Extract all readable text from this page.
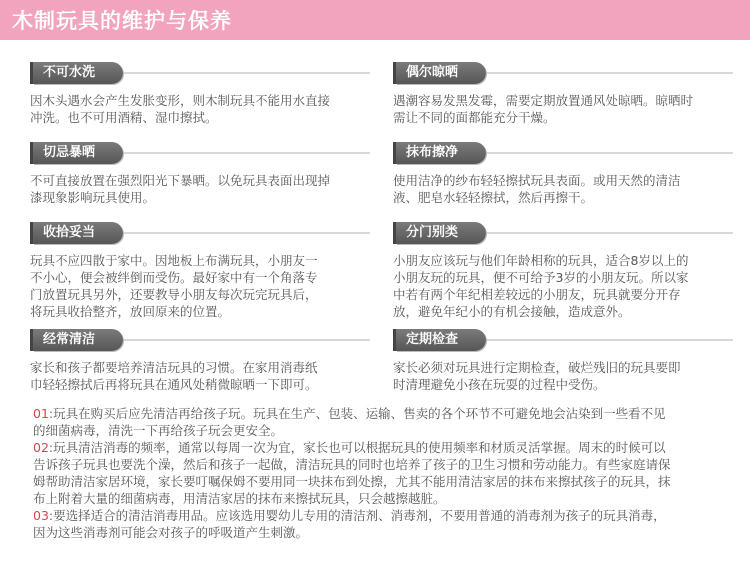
木制玩具的维护与保养
不可水洗
因木头遇水会产生发胀变形，则木制玩具不能用水直接
冲洗。也不可用酒精、湿巾擦拭。
偶尔晾晒
遇潮容易发黑发霉，需要定期放置通风处晾晒。晾晒时
需让不同的面都能充分干燥。
切忌暴晒
不可直接放置在强烈阳光下暴晒。以免玩具表面出现掉
漆现象影响玩具使用。
抹布擦净
使用洁净的纱布轻轻擦拭玩具表面。或用天然的清洁
液、肥皂水轻轻擦拭，然后再擦干。
收拾妥当
玩具不应四散于家中。因地板上布满玩具，小朋友一
不小心，便会被绊倒而受伤。最好家中有一个角落专
门放置玩具另外，还要教导小朋友每次玩完玩具后，
将玩具收拾整齐，放回原来的位置。
分门别类
小朋友应该玩与他们年龄相称的玩具，适合8岁以上的
小朋友玩的玩具，便不可给予3岁的小朋友玩。所以家
中若有两个年纪相差较远的小朋友，玩具就要分开存
放，避免年纪小的有机会接触，造成意外。
经常清洁
家长和孩子都要培养清洁玩具的习惯。在家用消毒纸
巾轻轻擦拭后再将玩具在通风处稍微晾晒一下即可。
定期检查
家长必须对玩具进行定期检查，破烂残旧的玩具要即
时清理避免小孩在玩耍的过程中受伤。
01:玩具在购买后应先清洁再给孩子玩。玩具在生产、包装、运输、售卖的各个环节不可避免地会沾染到一些看不见
的细菌病毒，清洗一下再给孩子玩会更安全。
02:玩具清洁消毒的频率，通常以每周一次为宜，家长也可以根据玩具的使用频率和材质灵活掌握。周末的时候可以
告诉孩子玩具也要洗个澡，然后和孩子一起做，清洁玩具的同时也培养了孩子的卫生习惯和劳动能力。有些家庭请保
姆帮助清洁家居环境，家长要叮嘱保姆不要用同一块抹布到处擦，尤其不能用清洁家居的抹布来擦拭孩子的玩具，抹
布上附着大量的细菌病毒，用清洁家居的抹布来擦拭玩具，只会越擦越脏。
03:要选择适合的清洁消毒用品。应该选用婴幼儿专用的清洁剂、消毒剂，不要用普通的消毒剂为孩子的玩具消毒，
因为这些消毒剂可能会对孩子的呼吸道产生刺激。
